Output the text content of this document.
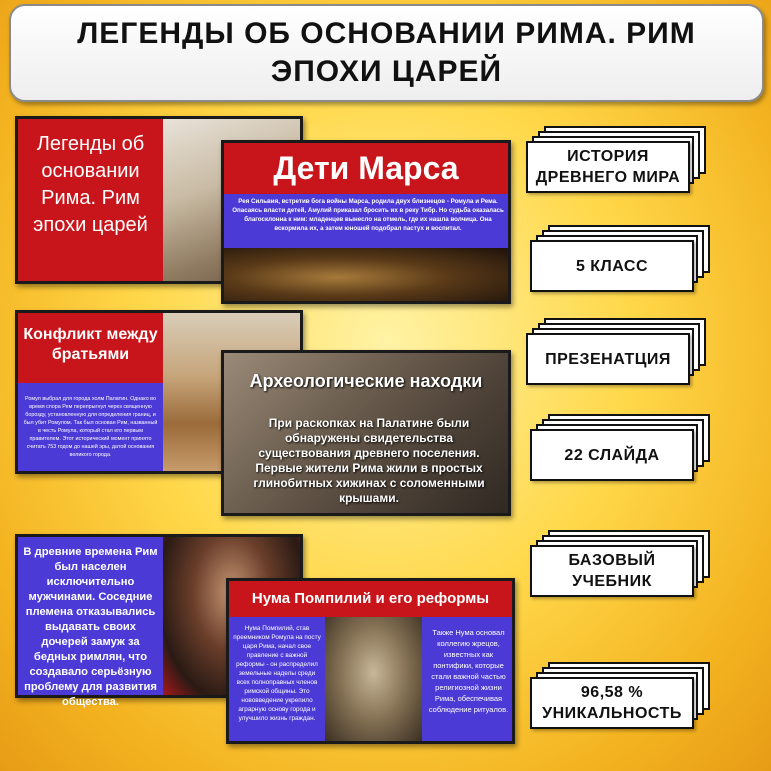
ЛЕГЕНДЫ ОБ ОСНОВАНИИ РИМА. РИМ ЭПОХИ ЦАРЕЙ
Легенды об основании Рима. Рим эпохи царей
Дети Марса
Рея Сильвия, встретив бога войны Марса, родила двух близнецов - Ромула и Рема. Опасаясь власти детей, Амулий приказал бросить их в реку Тибр. Но судьба оказалась благосклонна к ним: младенцев вынесло на отмель, где их нашла волчица. Она вскормила их, а затем юношей подобрал пастух и воспитал.
Конфликт между братьями
Ромул выбрал для города холм Палатин. Однако во время спора Рем перепрыгнул через священную борозду, установленную для определения границ, и был убит Ромулом. Так был основан Рим, названный в честь Ромула, который стал его первым правителем. Этот исторический момент принято считать 753 годом до нашей эры, датой основания великого города.
Археологические находки
При раскопках на Палатине были обнаружены свидетельства существования древнего поселения. Первые жители Рима жили в простых глинобитных хижинах с соломенными крышами.
В древние времена Рим был населен исключительно мужчинами. Соседние племена отказывались выдавать своих дочерей замуж за бедных римлян, что создавало серьёзную проблему для развития общества.
Нума Помпилий и его реформы
Нума Помпилий, став преемником Ромула на посту царя Рима, начал свое правление с важной реформы - он распределил земельные наделы среди всех полноправных членов римской общины. Это нововведение укрепило аграрную основу города и улучшило жизнь граждан.
Также Нума основал коллегию жрецов, известных как понтифики, которые стали важной частью религиозной жизни Рима, обеспечивая соблюдение ритуалов.
ИСТОРИЯ ДРЕВНЕГО МИРА
5 КЛАСС
ПРЕЗЕНАТЦИЯ
22 СЛАЙДА
БАЗОВЫЙ УЧЕБНИК
96,58 % УНИКАЛЬНОСТЬ
